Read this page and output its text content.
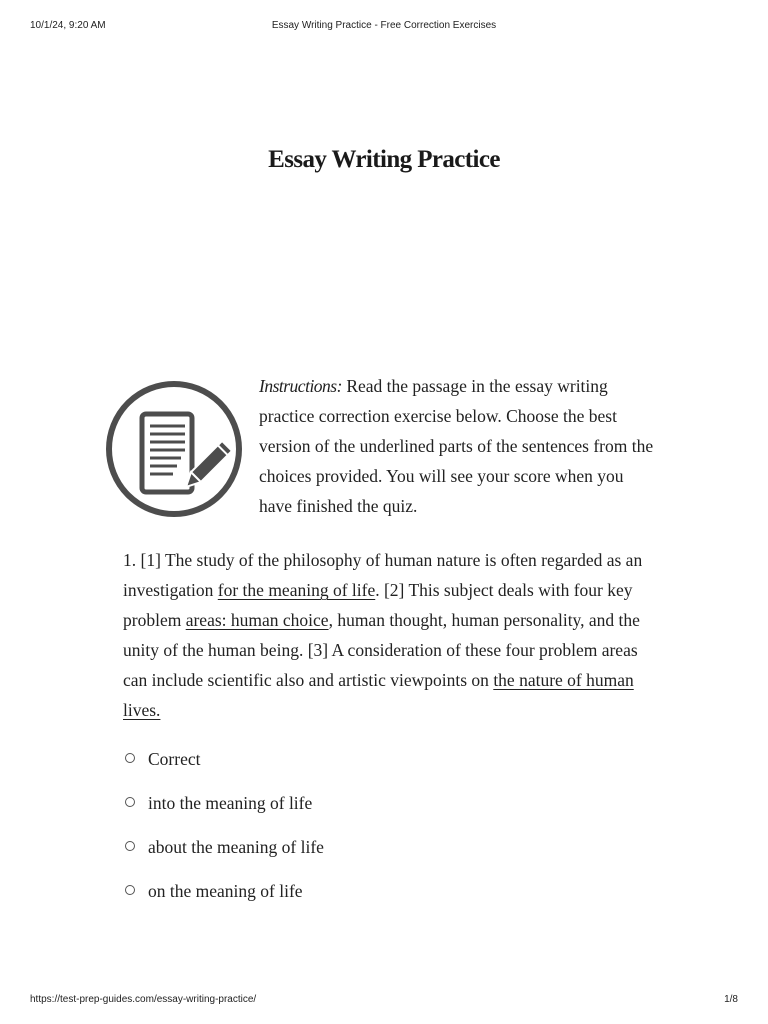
10/1/24, 9:20 AM	Essay Writing Practice - Free Correction Exercises
Essay Writing Practice
Instructions: Read the passage in the essay writing practice correction exercise below. Choose the best version of the underlined parts of the sentences from the choices provided. You will see your score when you have finished the quiz.
1. [1] The study of the philosophy of human nature is often regarded as an investigation for the meaning of life. [2] This subject deals with four key problem areas: human choice, human thought, human personality, and the unity of the human being. [3] A consideration of these four problem areas can include scientific also and artistic viewpoints on the nature of human lives.
Correct
into the meaning of life
about the meaning of life
on the meaning of life
https://test-prep-guides.com/essay-writing-practice/	1/8
